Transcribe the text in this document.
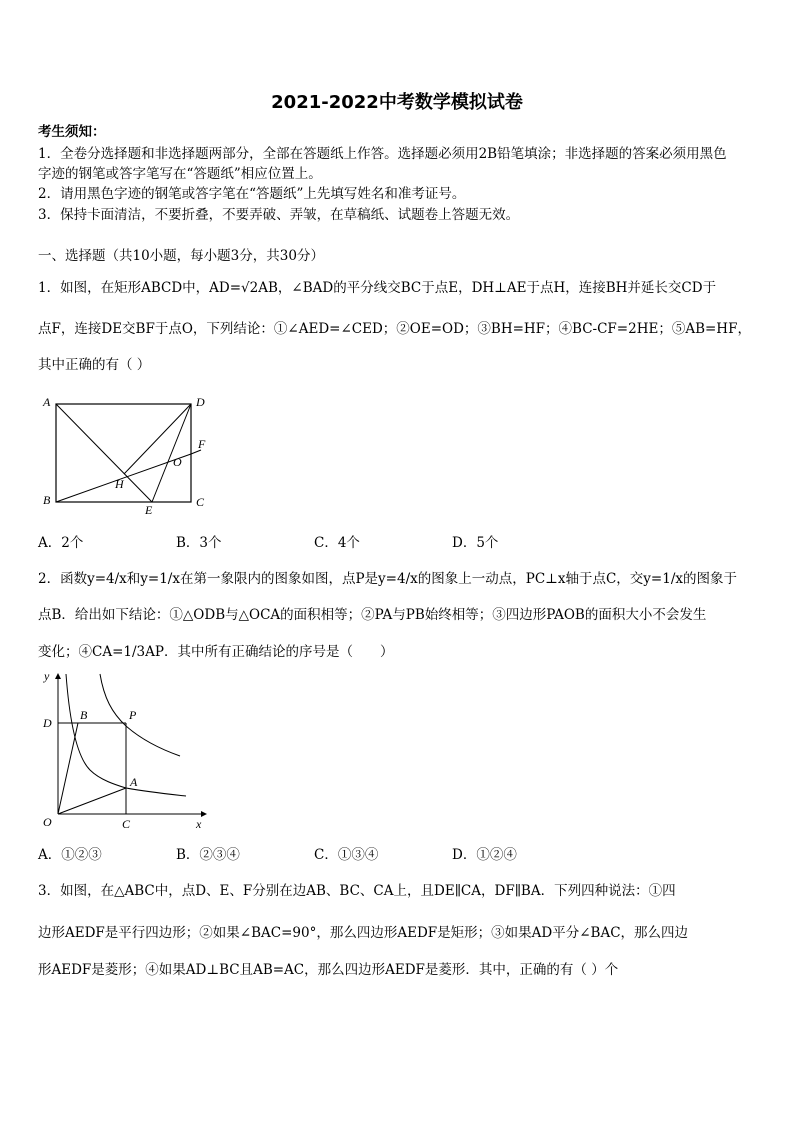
2021-2022中考数学模拟试卷
考生须知：
1．全卷分选择题和非选择题两部分，全部在答题纸上作答。选择题必须用2B铅笔填涂；非选择题的答案必须用黑色
字迹的钢笔或答字笔写在“答题纸”相应位置上。
2．请用黑色字迹的钢笔或答字笔在“答题纸”上先填写姓名和准考证号。
3．保持卡面清洁，不要折叠，不要弄破、弄皱，在草稿纸、试题卷上答题无效。
一、选择题（共10小题，每小题3分，共30分）
1．如图，在矩形ABCD中，AD=√2AB，∠BAD的平分线交BC于点E，DH⊥AE于点H，连接BH并延长交CD于
点F，连接DE交BF于点O，下列结论：①∠AED=∠CED；②OE=OD；③BH=HF；④BC-CF=2HE；⑤AB=HF，
其中正确的有（ ）
A	D
B	C
E
F
H
O
A．2个	B．3个	C．4个	D．5个
2．函数y=4/x和y=1/x在第一象限内的图象如图，点P是y=4/x的图象上一动点，PC⊥x轴于点C，交y=1/x的图象于
点B．给出如下结论：①△ODB与△OCA的面积相等；②PA与PB始终相等；③四边形PAOB的面积大小不会发生
变化；④CA=1/3AP．其中所有正确结论的序号是（　　）
y
x
O
D
B	P
A
C
A．①②③	B．②③④	C．①③④	D．①②④
3．如图，在△ABC中，点D、E、F分别在边AB、BC、CA上，且DE∥CA，DF∥BA．下列四种说法：①四
边形AEDF是平行四边形；②如果∠BAC=90°，那么四边形AEDF是矩形；③如果AD平分∠BAC，那么四边
形AEDF是菱形；④如果AD⊥BC且AB=AC，那么四边形AEDF是菱形．其中，正确的有（ ）个
